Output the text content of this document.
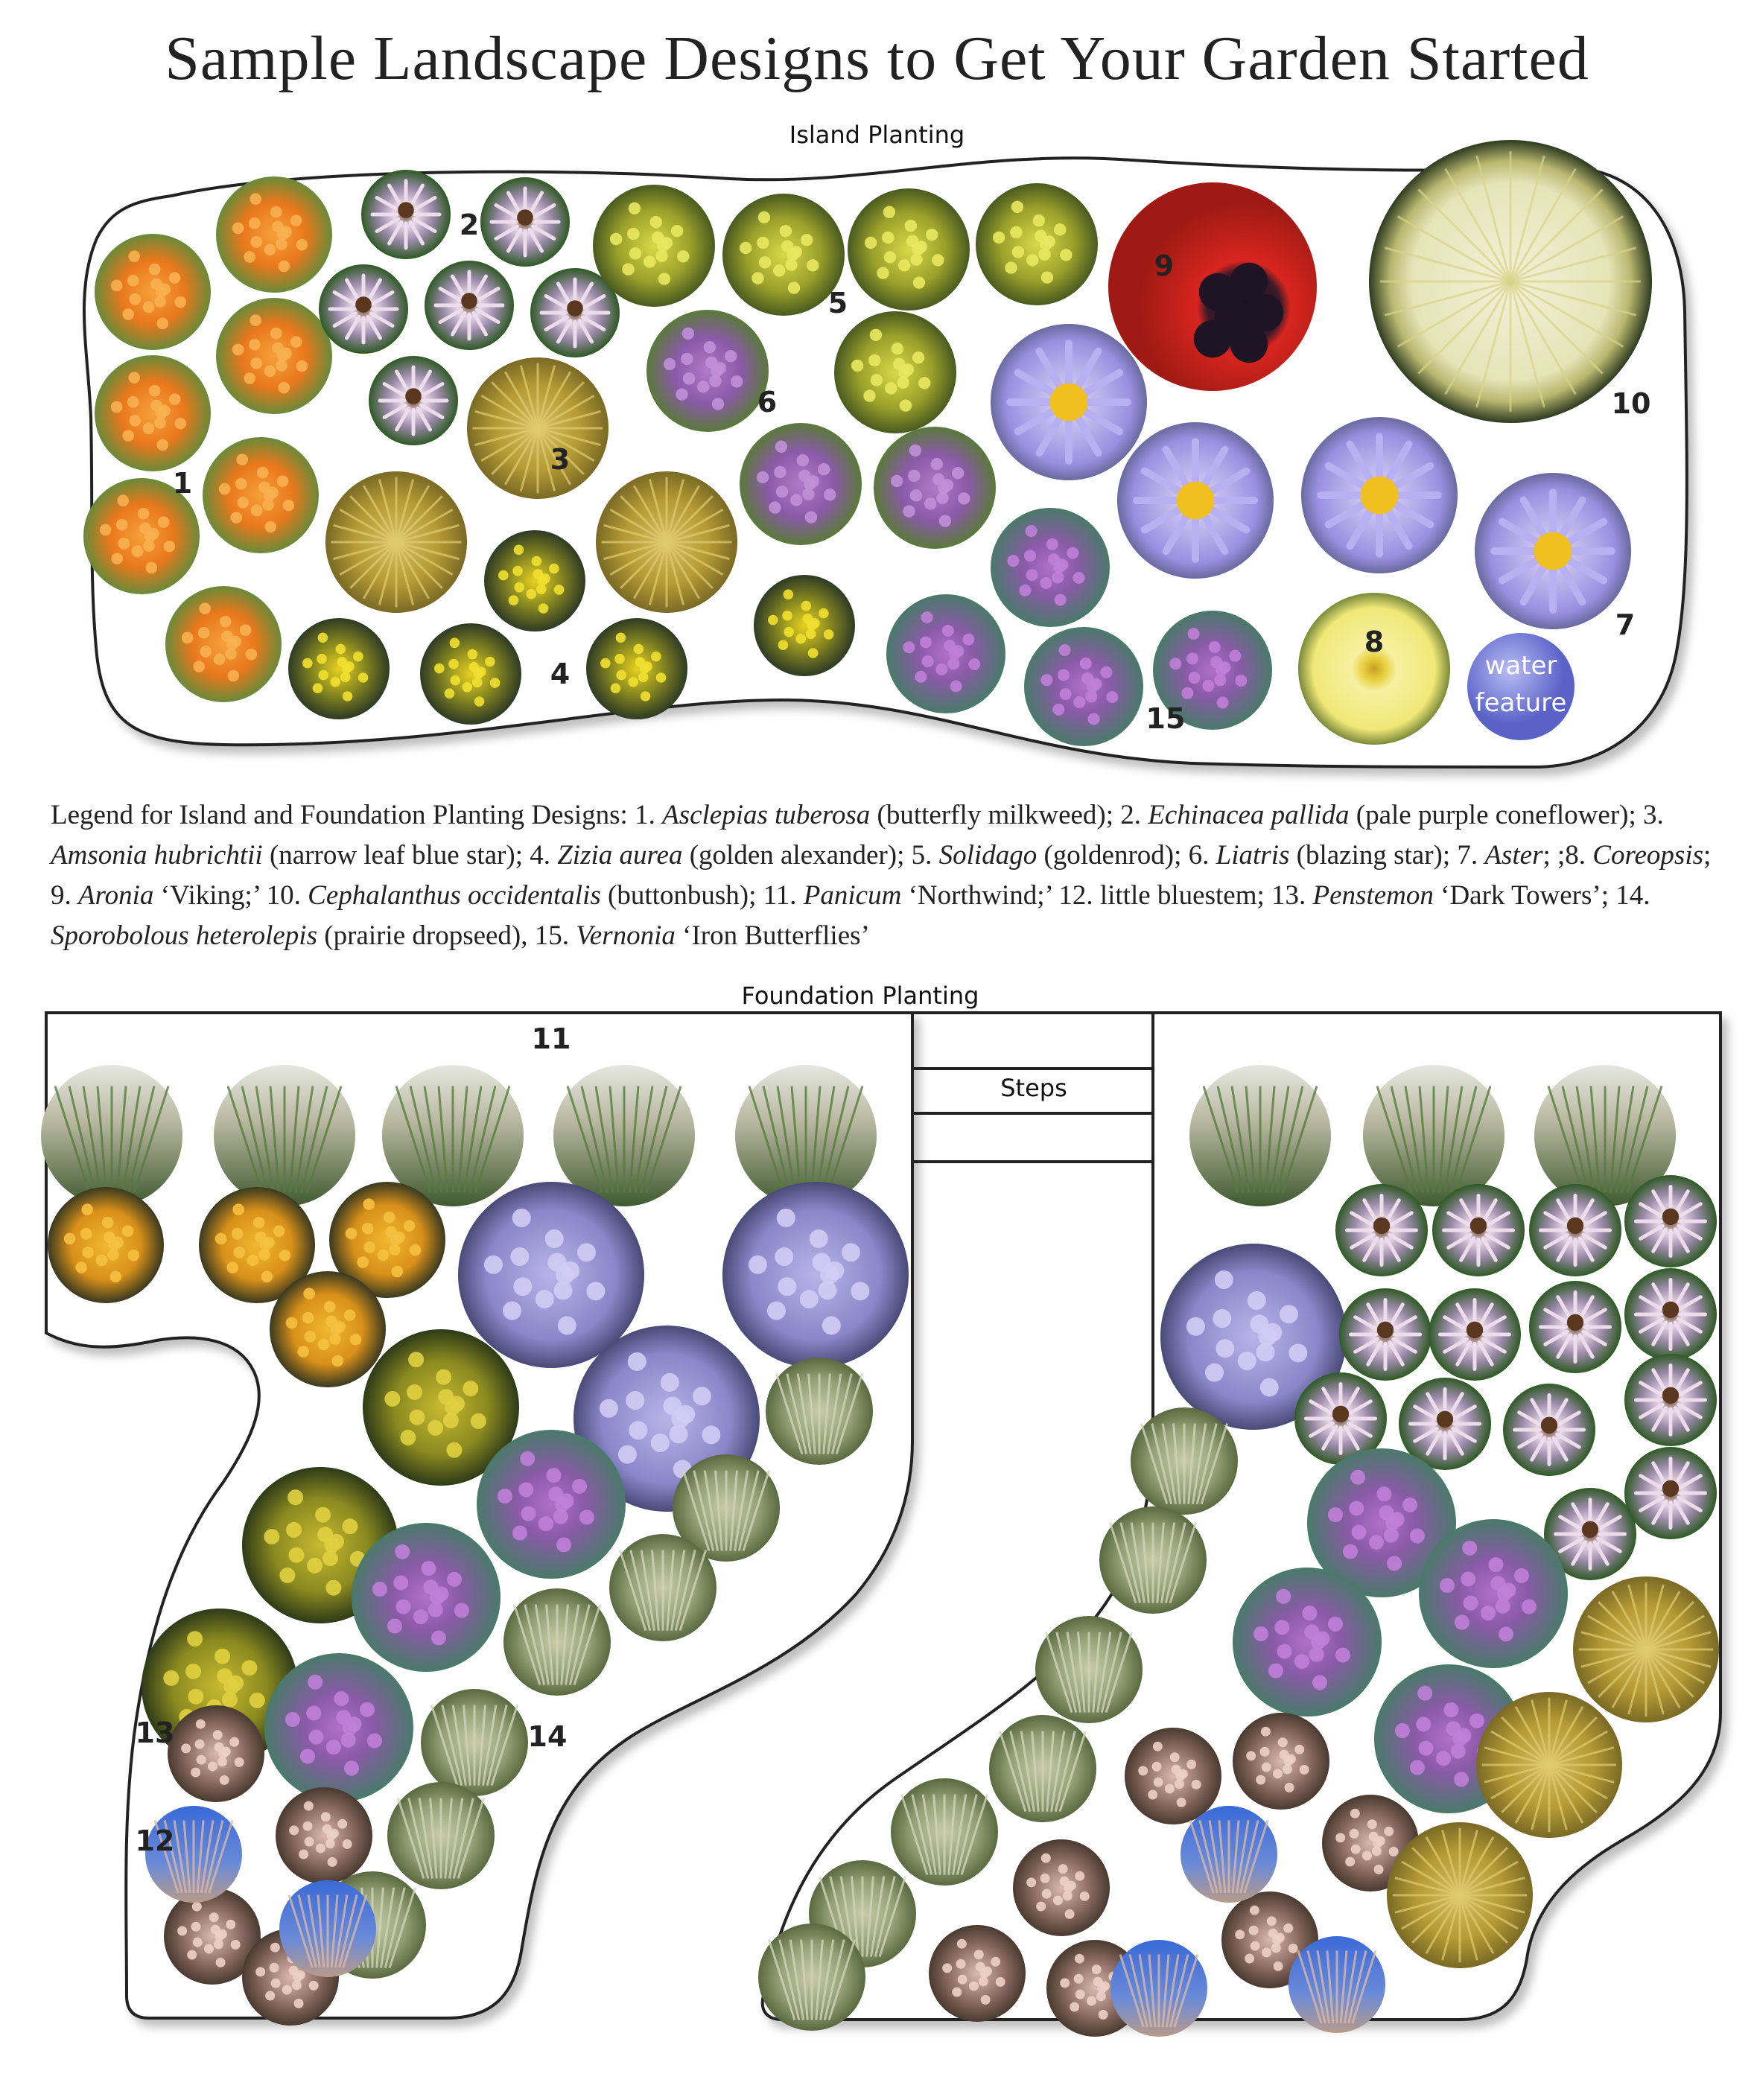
Sample Landscape Designs to Get Your Garden Started
Island Planting
Foundation Planting
Legend for Island and Foundation Planting Designs: 1. Asclepias tuberosa (butterfly milkweed); 2. Echinacea pallida (pale purple coneflower); 3. Amsonia hubrichtii (narrow leaf blue star); 4. Zizia aurea (golden alexander); 5. Solidago (goldenrod); 6. Liatris (blazing star); 7. Aster; ;8. Coreopsis; 9. Aronia ‘Viking;’ 10. Cephalanthus occidentalis (buttonbush); 11. Panicum ‘Northwind;’ 12. little bluestem; 13. Penstemon ‘Dark Towers’; 14. Sporobolous heterolepis (prairie dropseed), 15. Vernonia ‘Iron Butterflies’
water
feature
Steps
1
2
3
4
5
6
7
8
9
10
15
11
12
13	14
